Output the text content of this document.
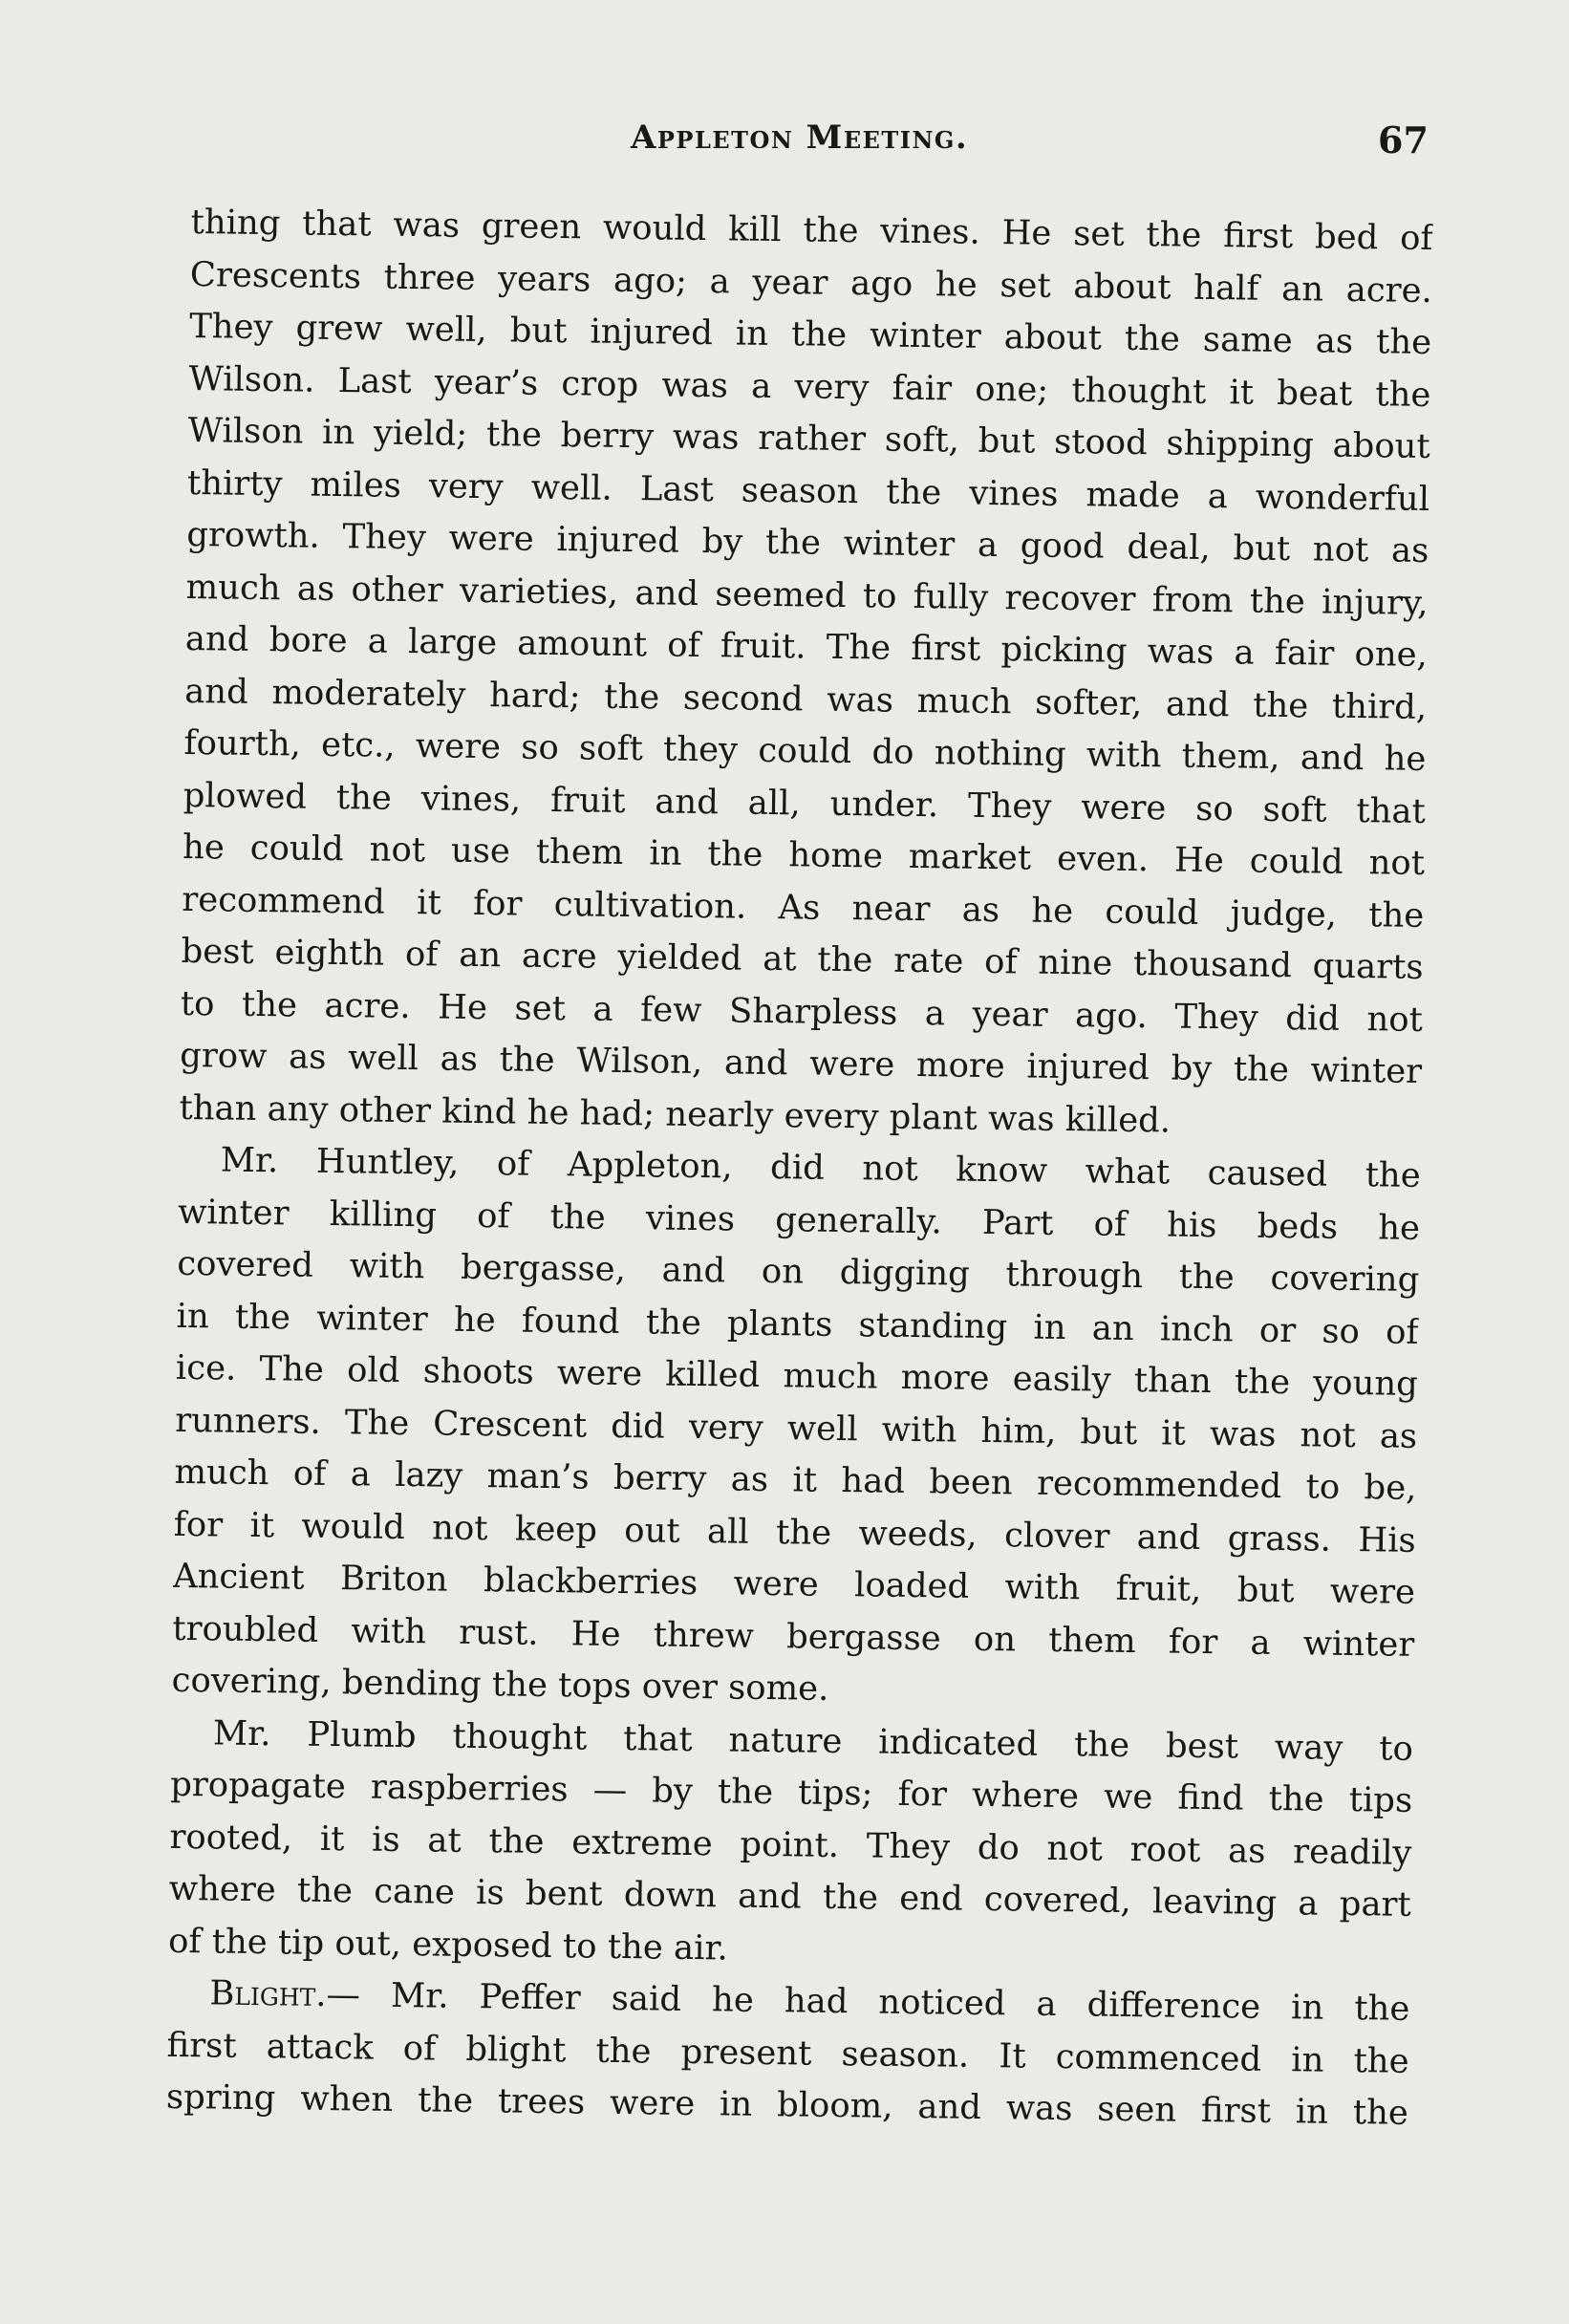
Appleton Meeting.	67
thing that was green would kill the vines. He set the first bed of
Crescents three years ago; a year ago he set about half an acre.
They grew well, but injured in the winter about the same as the
Wilson. Last year’s crop was a very fair one; thought it beat the
Wilson in yield; the berry was rather soft, but stood shipping about
thirty miles very well. Last season the vines made a wonderful
growth. They were injured by the winter a good deal, but not as
much as other varieties, and seemed to fully recover from the injury,
and bore a large amount of fruit. The first picking was a fair one,
and moderately hard; the second was much softer, and the third,
fourth, etc., were so soft they could do nothing with them, and he
plowed the vines, fruit and all, under. They were so soft that
he could not use them in the home market even. He could not
recommend it for cultivation. As near as he could judge, the
best eighth of an acre yielded at the rate of nine thousand quarts
to the acre. He set a few Sharpless a year ago. They did not
grow as well as the Wilson, and were more injured by the winter
than any other kind he had; nearly every plant was killed.
Mr. Huntley, of Appleton, did not know what caused the
winter killing of the vines generally. Part of his beds he
covered with bergasse, and on digging through the covering
in the winter he found the plants standing in an inch or so of
ice. The old shoots were killed much more easily than the young
runners. The Crescent did very well with him, but it was not as
much of a lazy man’s berry as it had been recommended to be,
for it would not keep out all the weeds, clover and grass. His
Ancient Briton blackberries were loaded with fruit, but were
troubled with rust. He threw bergasse on them for a winter
covering, bending the tops over some.
Mr. Plumb thought that nature indicated the best way to
propagate raspberries — by the tips; for where we find the tips
rooted, it is at the extreme point. They do not root as readily
where the cane is bent down and the end covered, leaving a part
of the tip out, exposed to the air.
Blight.— Mr. Peffer said he had noticed a difference in the
first attack of blight the present season. It commenced in the
spring when the trees were in bloom, and was seen first in the
